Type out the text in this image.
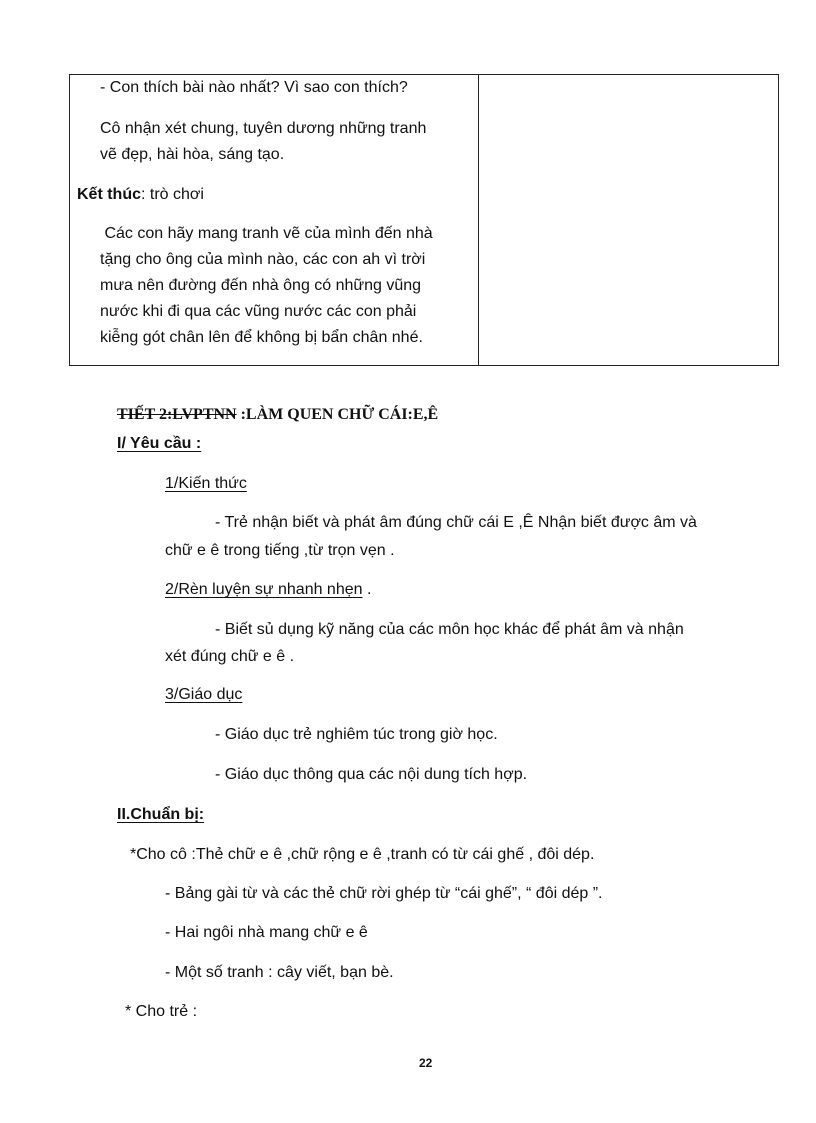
- Con thích bài nào nhất? Vì sao con thích?
Cô nhận xét chung, tuyên dương những tranh
vẽ đẹp, hài hòa, sáng tạo.
Kết thúc: trò chơi
Các con hãy mang tranh vẽ của mình đến nhà
tặng cho ông của mình nào, các con ah vì trời
mưa nên đường đến nhà ông có những vũng
nước khi đi qua các vũng nước các con phải
kiễng gót chân lên để không bị bẩn chân nhé.
TIẾT 2:LVPTNN :LÀM QUEN CHỮ CÁI:E,Ê
I/ Yêu cầu :
1/Kiến thức
- Trẻ nhận biết và phát âm đúng chữ cái E ,Ê Nhận biết được âm và
chữ e ê trong tiếng ,từ trọn vẹn .
2/Rèn luyện sự nhanh nhẹn .
- Biết sủ dụng kỹ năng của các môn học khác để phát âm và nhận
xét đúng chữ e ê .
3/Giáo dục
- Giáo dục trẻ nghiêm túc trong giờ học.
- Giáo dục thông qua các nội dung tích hợp.
II.Chuẩn bị:
*Cho cô :Thẻ chữ e ê ,chữ rộng e ê ,tranh có từ cái ghế , đôi dép.
- Bảng gài từ và các thẻ chữ rời ghép từ “cái ghế”, “ đôi dép ”.
- Hai ngôi nhà mang chữ e ê
- Một số tranh : cây viết, bạn bè.
* Cho trẻ :
22
